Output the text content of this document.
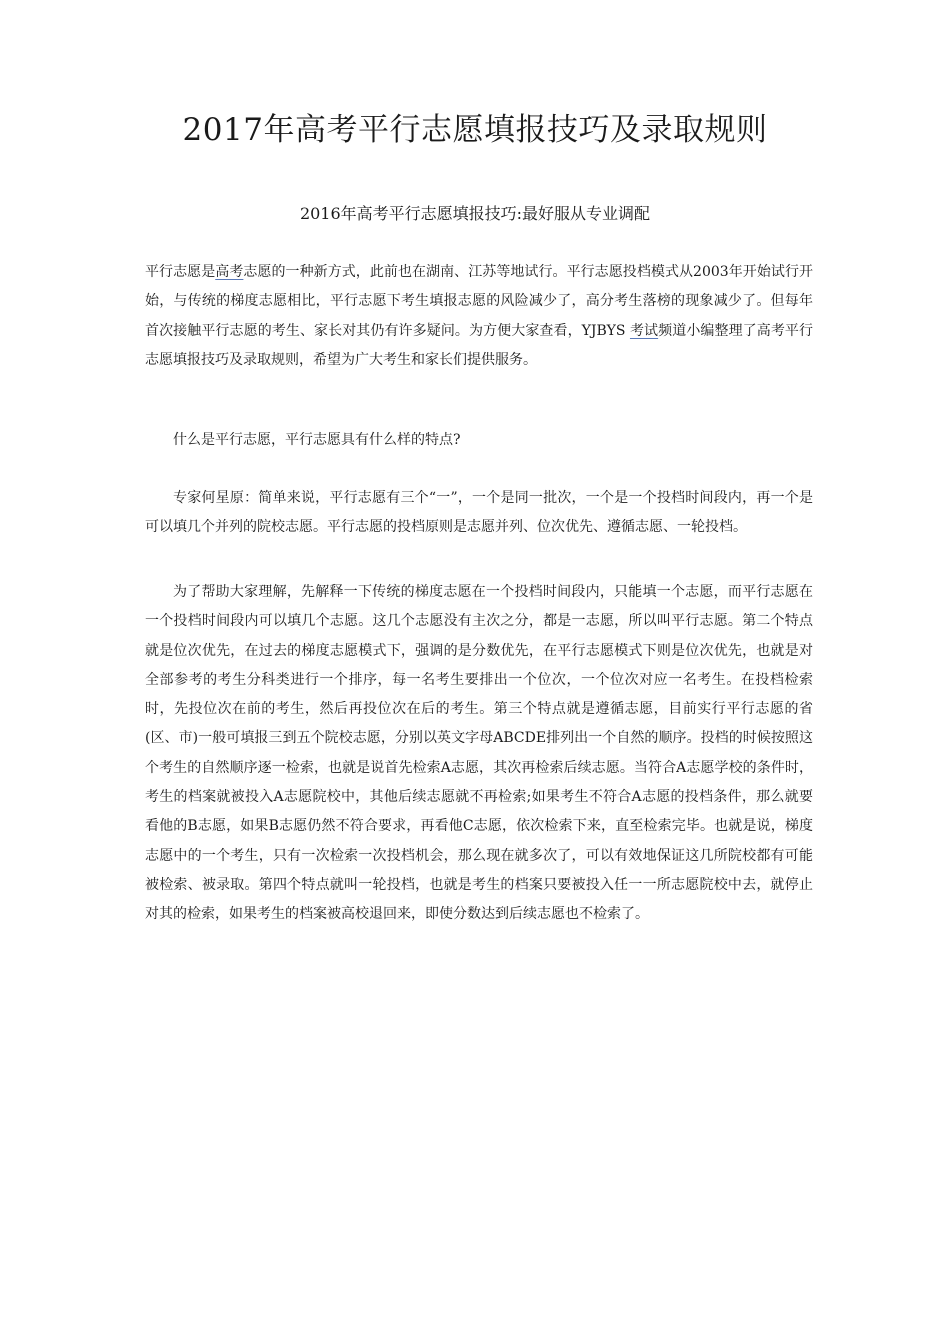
2017年高考平行志愿填报技巧及录取规则
2016年高考平行志愿填报技巧:最好服从专业调配

平行志愿是高考志愿的一种新方式，此前也在湖南、江苏等地试行。平行志愿投档模式从2003年开始试行开始，与传统的梯度志愿相比，平行志愿下考生填报志愿的风险减少了，高分考生落榜的现象减少了。但每年首次接触平行志愿的考生、家长对其仍有许多疑问。为方便大家查看，YJBYS 考试频道小编整理了高考平行志愿填报技巧及录取规则，希望为广大考生和家长们提供服务。

什么是平行志愿，平行志愿具有什么样的特点?

专家何星原：简单来说，平行志愿有三个“一”，一个是同一批次，一个是一个投档时间段内，再一个是可以填几个并列的院校志愿。平行志愿的投档原则是志愿并列、位次优先、遵循志愿、一轮投档。

为了帮助大家理解，先解释一下传统的梯度志愿在一个投档时间段内，只能填一个志愿，而平行志愿在一个投档时间段内可以填几个志愿。这几个志愿没有主次之分，都是一志愿，所以叫平行志愿。第二个特点就是位次优先，在过去的梯度志愿模式下，强调的是分数优先，在平行志愿模式下则是位次优先，也就是对全部参考的考生分科类进行一个排序，每一名考生要排出一个位次，一个位次对应一名考生。在投档检索时，先投位次在前的考生，然后再投位次在后的考生。第三个特点就是遵循志愿，目前实行平行志愿的省(区、市)一般可填报三到五个院校志愿，分别以英文字母ABCDE排列出一个自然的顺序。投档的时候按照这个考生的自然顺序逐一检索，也就是说首先检索A志愿，其次再检索后续志愿。当符合A志愿学校的条件时，考生的档案就被投入A志愿院校中，其他后续志愿就不再检索;如果考生不符合A志愿的投档条件，那么就要看他的B志愿，如果B志愿仍然不符合要求，再看他C志愿，依次检索下来，直至检索完毕。也就是说，梯度志愿中的一个考生，只有一次检索一次投档机会，那么现在就多次了，可以有效地保证这几所院校都有可能被检索、被录取。第四个特点就叫一轮投档，也就是考生的档案只要被投入任一一所志愿院校中去，就停止对其的检索，如果考生的档案被高校退回来，即使分数达到后续志愿也不检索了。
